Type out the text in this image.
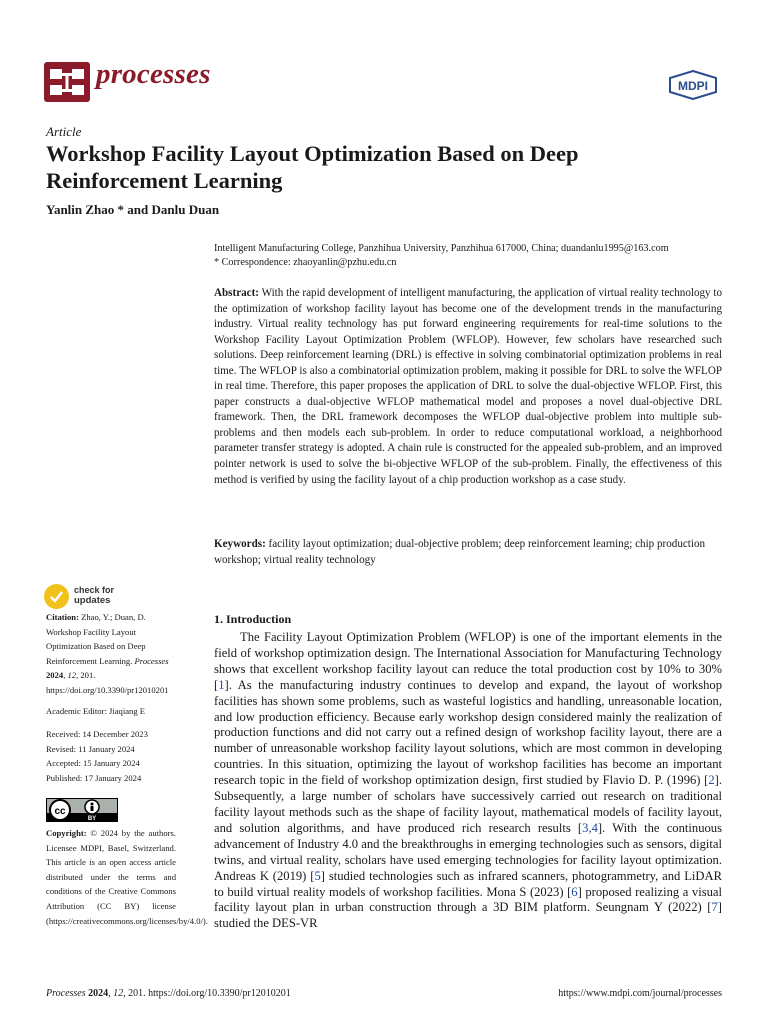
processes	MDPI
Article
Workshop Facility Layout Optimization Based on Deep Reinforcement Learning
Yanlin Zhao * and Danlu Duan

Intelligent Manufacturing College, Panzhihua University, Panzhihua 617000, China; duandanlu1995@163.com

* Correspondence: zhaoyanlin@pzhu.edu.cn

Abstract: With the rapid development of intelligent manufacturing, the application of virtual reality technology to the optimization of workshop facility layout has become one of the development trends in the manufacturing industry. Virtual reality technology has put forward engineering requirements for real-time solutions to the Workshop Facility Layout Optimization Problem (WFLOP). However, few scholars have researched such solutions. Deep reinforcement learning (DRL) is effective in solving combinatorial optimization problems in real time. The WFLOP is also a combinatorial optimization problem, making it possible for DRL to solve the WFLOP in real time. Therefore, this paper proposes the application of DRL to solve the dual-objective WFLOP. First, this paper constructs a dual-objective WFLOP mathematical model and proposes a novel dual-objective DRL framework. Then, the DRL framework decomposes the WFLOP dual-objective problem into multiple sub-problems and then models each sub-problem. In order to reduce computational workload, a neighborhood parameter transfer strategy is adopted. A chain rule is constructed for the appealed sub-problem, and an improved pointer network is used to solve the bi-objective WFLOP of the sub-problem. Finally, the effectiveness of this method is verified by using the facility layout of a chip production workshop as a case study.
Keywords: facility layout optimization; dual-objective problem; deep reinforcement learning; chip production workshop; virtual reality technology
check for
updates

Citation: Zhao, Y.; Duan, D. Workshop Facility Layout Optimization Based on Deep Reinforcement Learning. Processes 2024, 12, 201. https://doi.org/10.3390/pr12010201

Academic Editor: Jiaqiang E

Received: 14 December 2023

Revised: 11 January 2024

Accepted: 15 January 2024

Published: 17 January 2024

cc
BY

Copyright: © 2024 by the authors. Licensee MDPI, Basel, Switzerland. This article is an open access article distributed under the terms and conditions of the Creative Commons Attribution (CC BY) license (https://creativecommons.org/licenses/by/4.0/).

1. Introduction
The Facility Layout Optimization Problem (WFLOP) is one of the important elements in the field of workshop optimization design. The International Association for Manufacturing Technology shows that excellent workshop facility layout can reduce the total production cost by 10% to 30% [1]. As the manufacturing industry continues to develop and expand, the layout of workshop facilities has shown some problems, such as wasteful logistics and handling, unreasonable location, and low production efficiency. Because early workshop design considered mainly the realization of production functions and did not carry out a refined design of workshop facility layout, there are a number of unreasonable workshop facility layout solutions, which are most common in developing countries. In this situation, optimizing the layout of workshop facilities has become an important research topic in the field of workshop optimization design, first studied by Flavio D. P. (1996) [2]. Subsequently, a large number of scholars have successively carried out research on traditional facility layout methods such as the shape of facility layout, mathematical models of facility layout, and solution algorithms, and have produced rich research results [3,4]. With the continuous advancement of Industry 4.0 and the breakthroughs in emerging technologies such as sensors, digital twins, and virtual reality, scholars have used emerging technologies for facility layout optimization. Andreas K (2019) [5] studied technologies such as infrared scanners, photogrammetry, and LiDAR to build virtual reality models of workshop facilities. Mona S (2023) [6] proposed realizing a visual facility layout plan in urban construction through a 3D BIM platform. Seungnam Y (2022) [7] studied the DES-VR
Processes 2024, 12, 201. https://doi.org/10.3390/pr12010201	https://www.mdpi.com/journal/processes
